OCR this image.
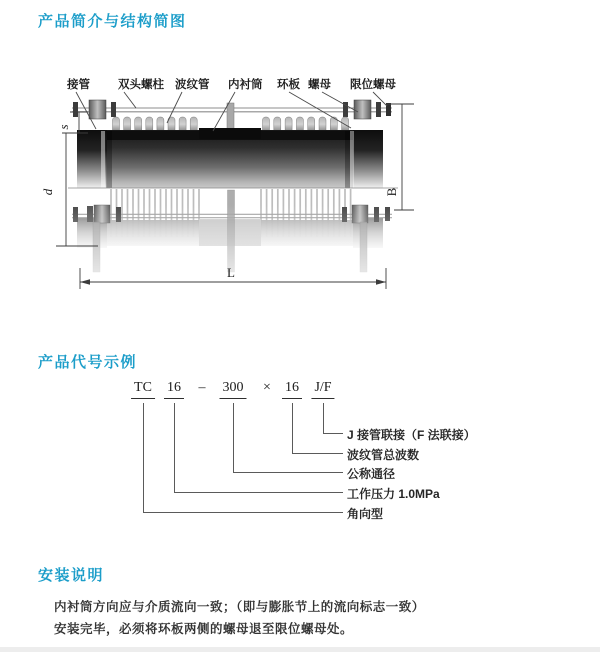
产品简介与结构简图
s
d	B
L
接管 双头螺柱 波纹管 内衬筒 环板 螺母 限位螺母
产品代号示例
TC 16 – 300 × 16 J/F
J 接管联接（F 法联接）
波纹管总波数
公称通径
工作压力 1.0MPa
角向型
安装说明

内衬筒方向应与介质流向一致；（即与膨胀节上的流向标志一致）

安装完毕，必须将环板两侧的螺母退至限位螺母处。
